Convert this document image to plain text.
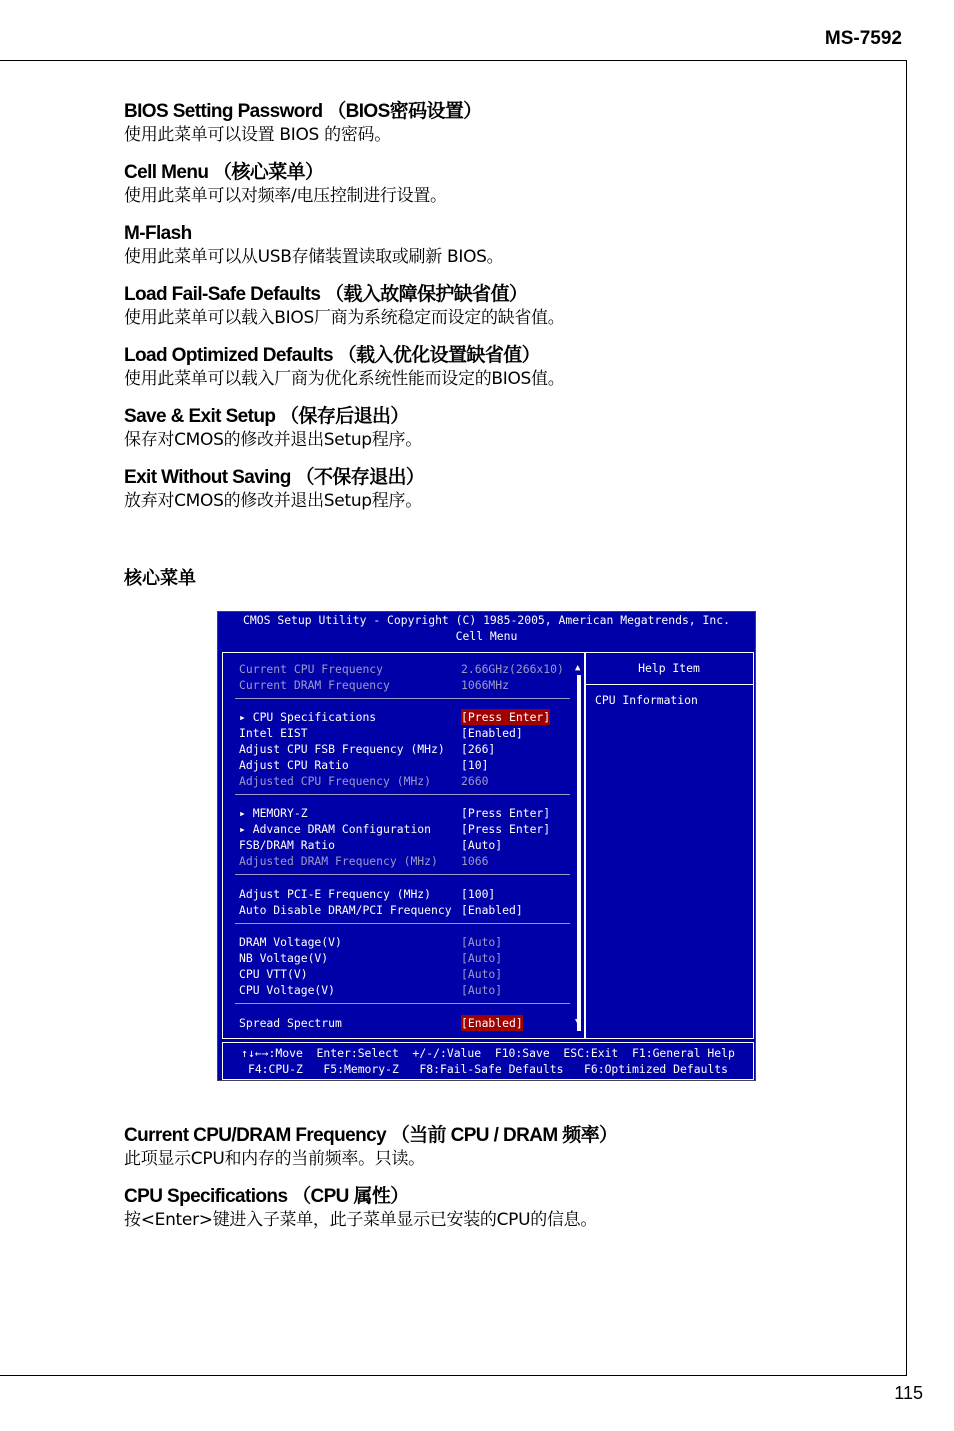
MS-7592
115
BIOS Setting Password （BIOS密码设置）
使用此菜单可以设置 BIOS 的密码。
Cell Menu （核心菜单）
使用此菜单可以对频率/电压控制进行设置。
M-Flash
使用此菜单可以从USB存储装置读取或刷新 BIOS。
Load Fail-Safe Defaults （载入故障保护缺省值）
使用此菜单可以载入BIOS厂商为系统稳定而设定的缺省值。
Load Optimized Defaults （载入优化设置缺省值）
使用此菜单可以载入厂商为优化系统性能而设定的BIOS值。
Save & Exit Setup （保存后退出）
保存对CMOS的修改并退出Setup程序。
Exit Without Saving （不保存退出）
放弃对CMOS的修改并退出Setup程序。
核心菜单
CMOS Setup Utility - Copyright (C) 1985-2005, American Megatrends, Inc.
Cell Menu
Current CPU Frequency	2.66GHz(266x10)
Current DRAM Frequency	1066MHz
▸ CPU Specifications	[Press Enter]
Intel EIST	[Enabled]
Adjust CPU FSB Frequency (MHz) [266]
Adjust CPU Ratio	[10]
Adjusted CPU Frequency (MHz)	2660
▸ MEMORY-Z	[Press Enter]
▸ Advance DRAM Configuration	[Press Enter]
FSB/DRAM Ratio	[Auto]
Adjusted DRAM Frequency (MHz) 1066
Adjust PCI-E Frequency (MHz)	[100]
Auto Disable DRAM/PCI Frequency [Enabled]
DRAM Voltage(V)	[Auto]
NB Voltage(V)	[Auto]
CPU VTT(V)	[Auto]
CPU Voltage(V)	[Auto]
Spread Spectrum	[Enabled]
▲
▼
Help Item
CPU Information
↑↓←→:Move  Enter:Select  +/-/:Value  F10:Save  ESC:Exit  F1:General Help
F4:CPU-Z   F5:Memory-Z   F8:Fail-Safe Defaults   F6:Optimized Defaults
Current CPU/DRAM Frequency （当前 CPU / DRAM 频率）
此项显示CPU和内存的当前频率。只读。
CPU Specifications （CPU 属性）
按<Enter>键进入子菜单，此子菜单显示已安装的CPU的信息。
